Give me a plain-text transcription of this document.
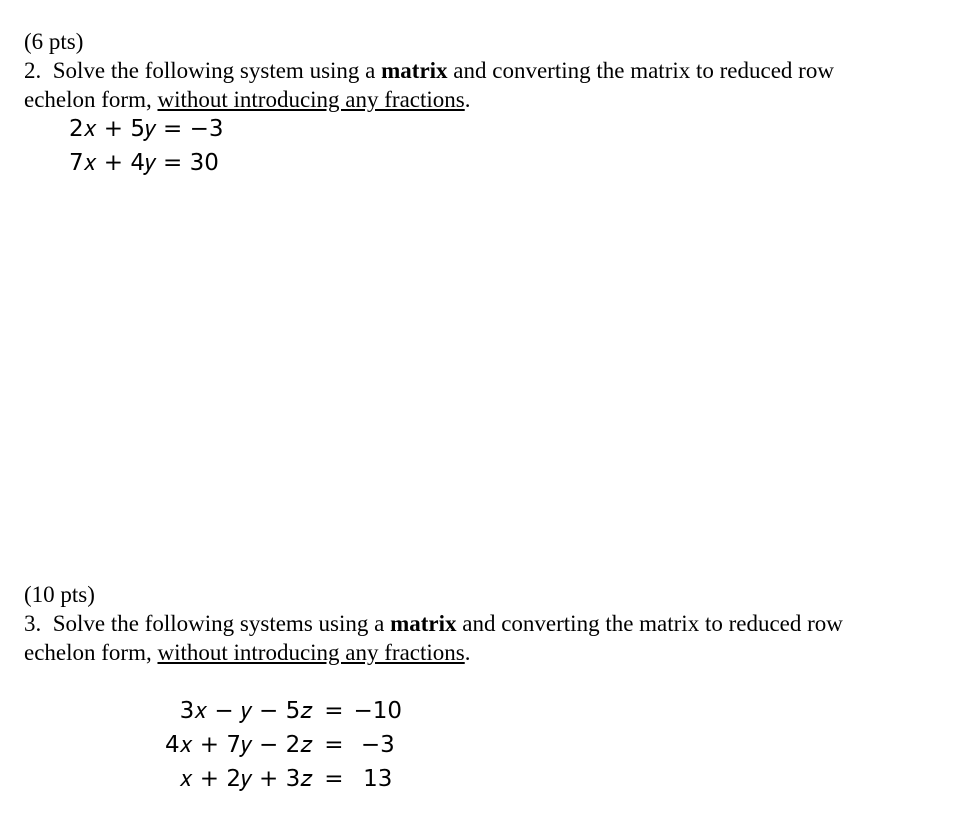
(6 pts)
2. Solve the following system using a matrix and converting the matrix to reduced row
echelon form, without introducing any fractions.
2𝑥 + 5𝑦 = −3
7𝑥 + 4𝑦 = 30
(10 pts)
3. Solve the following systems using a matrix and converting the matrix to reduced row
echelon form, without introducing any fractions.
3𝑥 − 𝑦 − 5𝑧	=	−10
4𝑥 + 7𝑦 − 2𝑧	=	−3
𝑥 + 2𝑦 + 3𝑧	=	13
